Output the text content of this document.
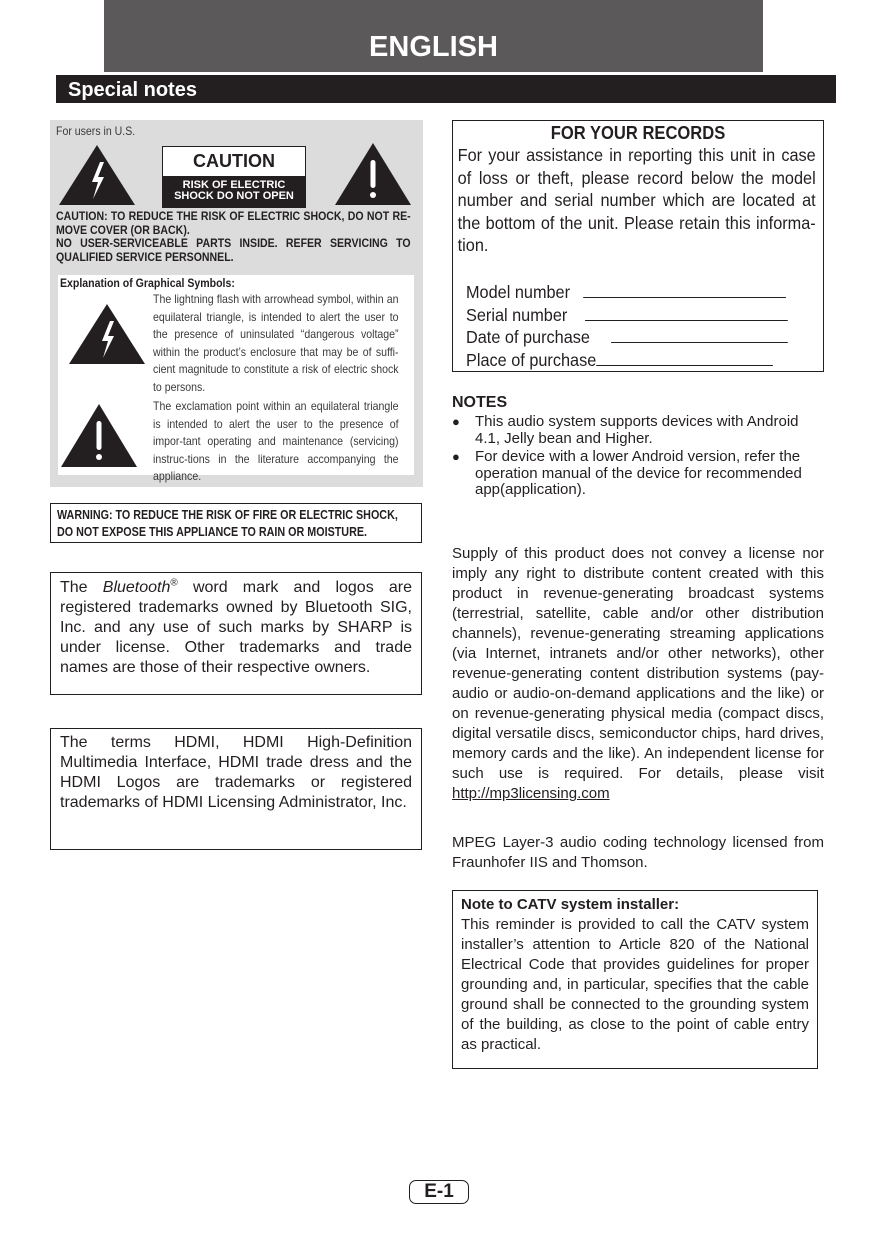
ENGLISH
Special notes
For users in U.S.
CAUTION
RISK OF ELECTRIC
SHOCK DO NOT OPEN
CAUTION: TO REDUCE THE RISK OF ELECTRIC SHOCK, DO NOT RE-MOVE COVER (OR BACK).
NO USER-SERVICEABLE PARTS INSIDE. REFER SERVICING TO QUALIFIED SERVICE PERSONNEL.
Explanation of Graphical Symbols:
The lightning flash with arrowhead symbol, within an equilateral triangle, is intended to alert the user to the presence of uninsulated “dangerous voltage” within the product’s enclosure that may be of suffi-cient magnitude to constitute a risk of electric shock to persons.
The exclamation point within an equilateral triangle is intended to alert the user to the presence of impor-tant operating and maintenance (servicing) instruc-tions in the literature accompanying the appliance.
WARNING: TO REDUCE THE RISK OF FIRE OR ELECTRIC SHOCK,
DO NOT EXPOSE THIS APPLIANCE TO RAIN OR MOISTURE.
The Bluetooth® word mark and logos are registered trademarks owned by Bluetooth SIG, Inc. and any use of such marks by SHARP is under license. Other trademarks and trade names are those of their respective owners.
The terms HDMI, HDMI High-Definition Multimedia Interface, HDMI trade dress and the HDMI Logos are trademarks or registered trademarks of HDMI Licensing Administrator, Inc.
FOR YOUR RECORDS
For your assistance in reporting this unit in case of loss or theft, please record below the model number and serial number which are located at the bottom of the unit. Please retain this informa-tion.
Model number
Serial number
Date of purchase
Place of purchase
NOTES
● This audio system supports devices with Android 4.1, Jelly bean and Higher.
● For device with a lower Android version, refer the operation manual of the device for recommended app(application).
Supply of this product does not convey a license nor imply any right to distribute content created with this product in revenue-generating broadcast systems (terrestrial, satellite, cable and/or other distribution channels), revenue-generating streaming applications (via Internet, intranets and/or other networks), other revenue-generating content distribution systems (pay-audio or audio-on-demand applications and the like) or on revenue-generating physical media (compact discs, digital versatile discs, semiconductor chips, hard drives, memory cards and the like). An independent license for such use is required. For details, please visit http://mp3licensing.com
MPEG Layer-3 audio coding technology licensed from Fraunhofer IIS and Thomson.
Note to CATV system installer:
This reminder is provided to call the CATV system installer’s attention to Article 820 of the National Electrical Code that provides guidelines for proper grounding and, in particular, specifies that the cable ground shall be connected to the grounding system of the building, as close to the point of cable entry as practical.
E-1
